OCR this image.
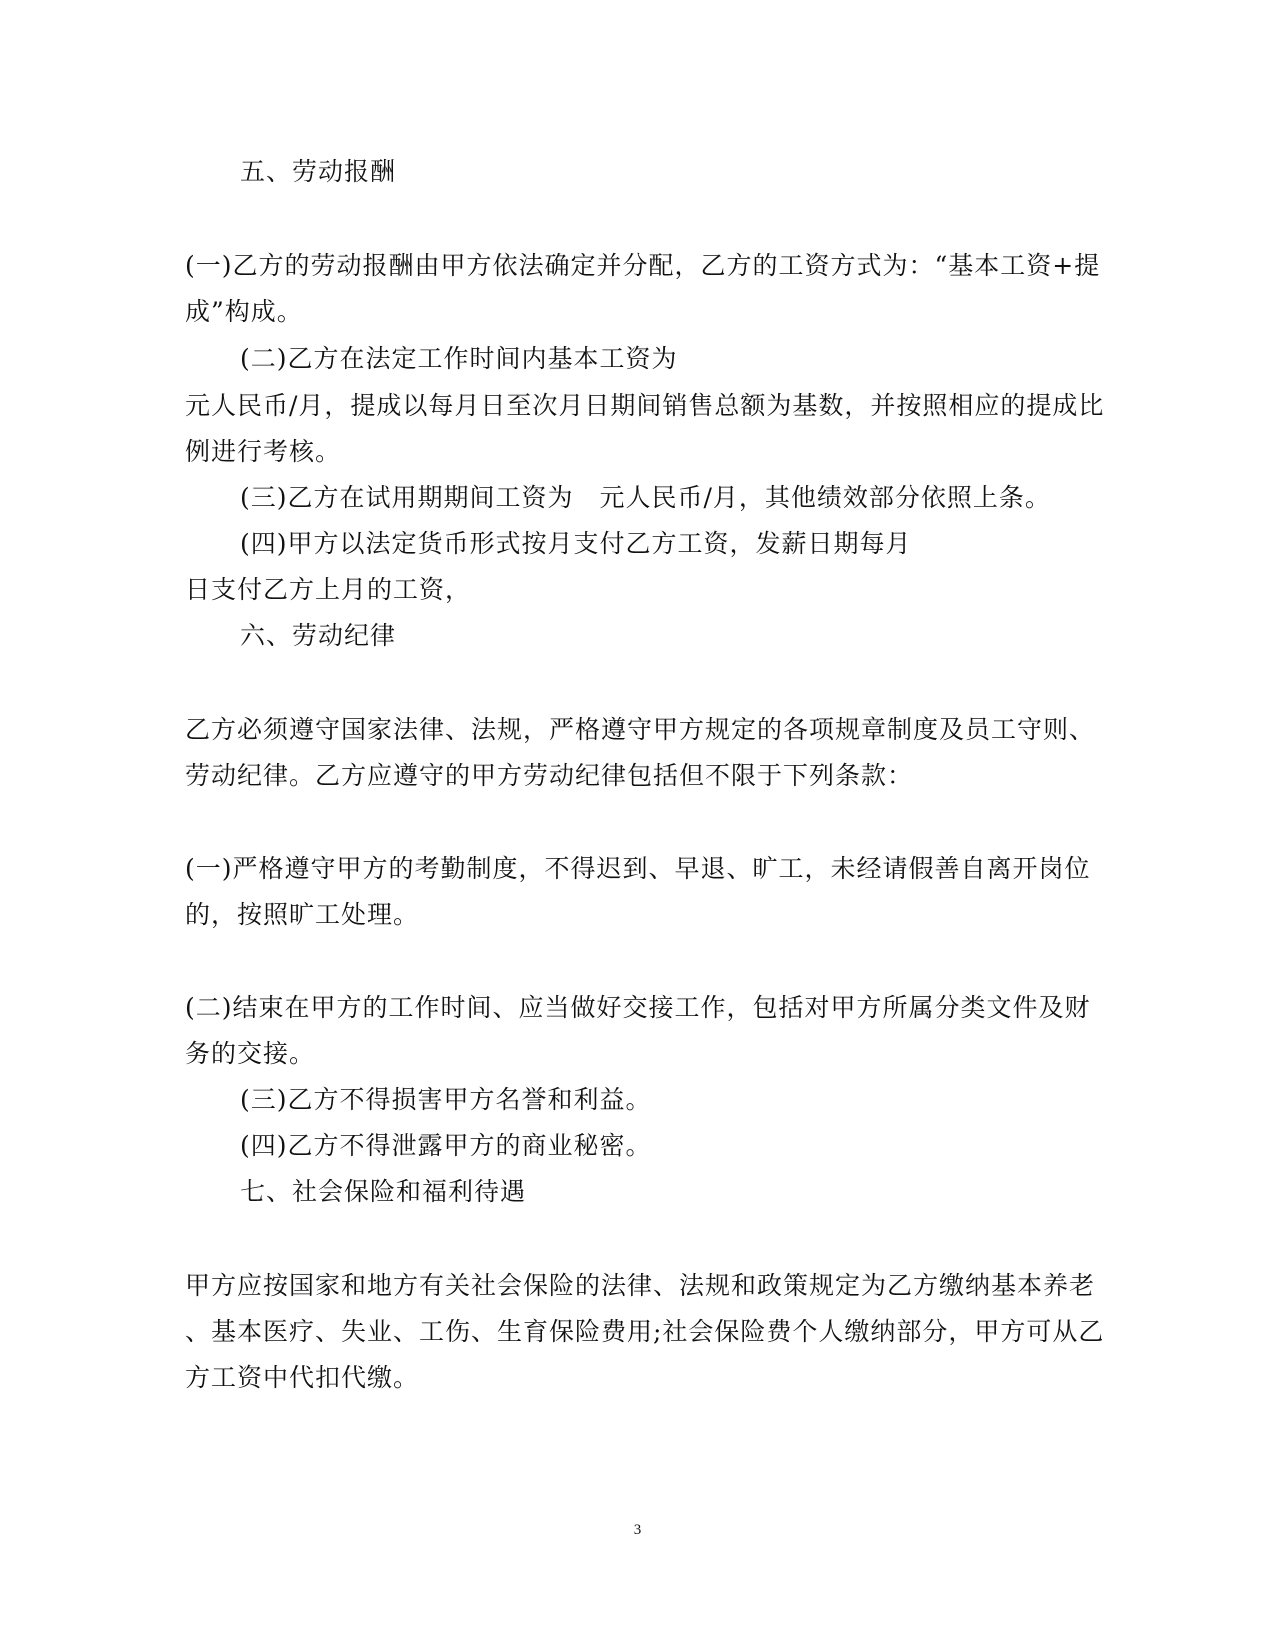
五、劳动报酬
(一)乙方的劳动报酬由甲方依法确定并分配，乙方的工资方式为：“基本工资+提
成”构成。
(二)乙方在法定工作时间内基本工资为
元人民币/月，提成以每月日至次月日期间销售总额为基数，并按照相应的提成比
例进行考核。
(三)乙方在试用期期间工资为　元人民币/月，其他绩效部分依照上条。
(四)甲方以法定货币形式按月支付乙方工资，发薪日期每月
日支付乙方上月的工资，
六、劳动纪律
乙方必须遵守国家法律、法规，严格遵守甲方规定的各项规章制度及员工守则、
劳动纪律。乙方应遵守的甲方劳动纪律包括但不限于下列条款：
(一)严格遵守甲方的考勤制度，不得迟到、早退、旷工，未经请假善自离开岗位
的，按照旷工处理。
(二)结束在甲方的工作时间、应当做好交接工作，包括对甲方所属分类文件及财
务的交接。
(三)乙方不得损害甲方名誉和利益。
(四)乙方不得泄露甲方的商业秘密。
七、社会保险和福利待遇
甲方应按国家和地方有关社会保险的法律、法规和政策规定为乙方缴纳基本养老
、基本医疗、失业、工伤、生育保险费用;社会保险费个人缴纳部分，甲方可从乙
方工资中代扣代缴。
3
